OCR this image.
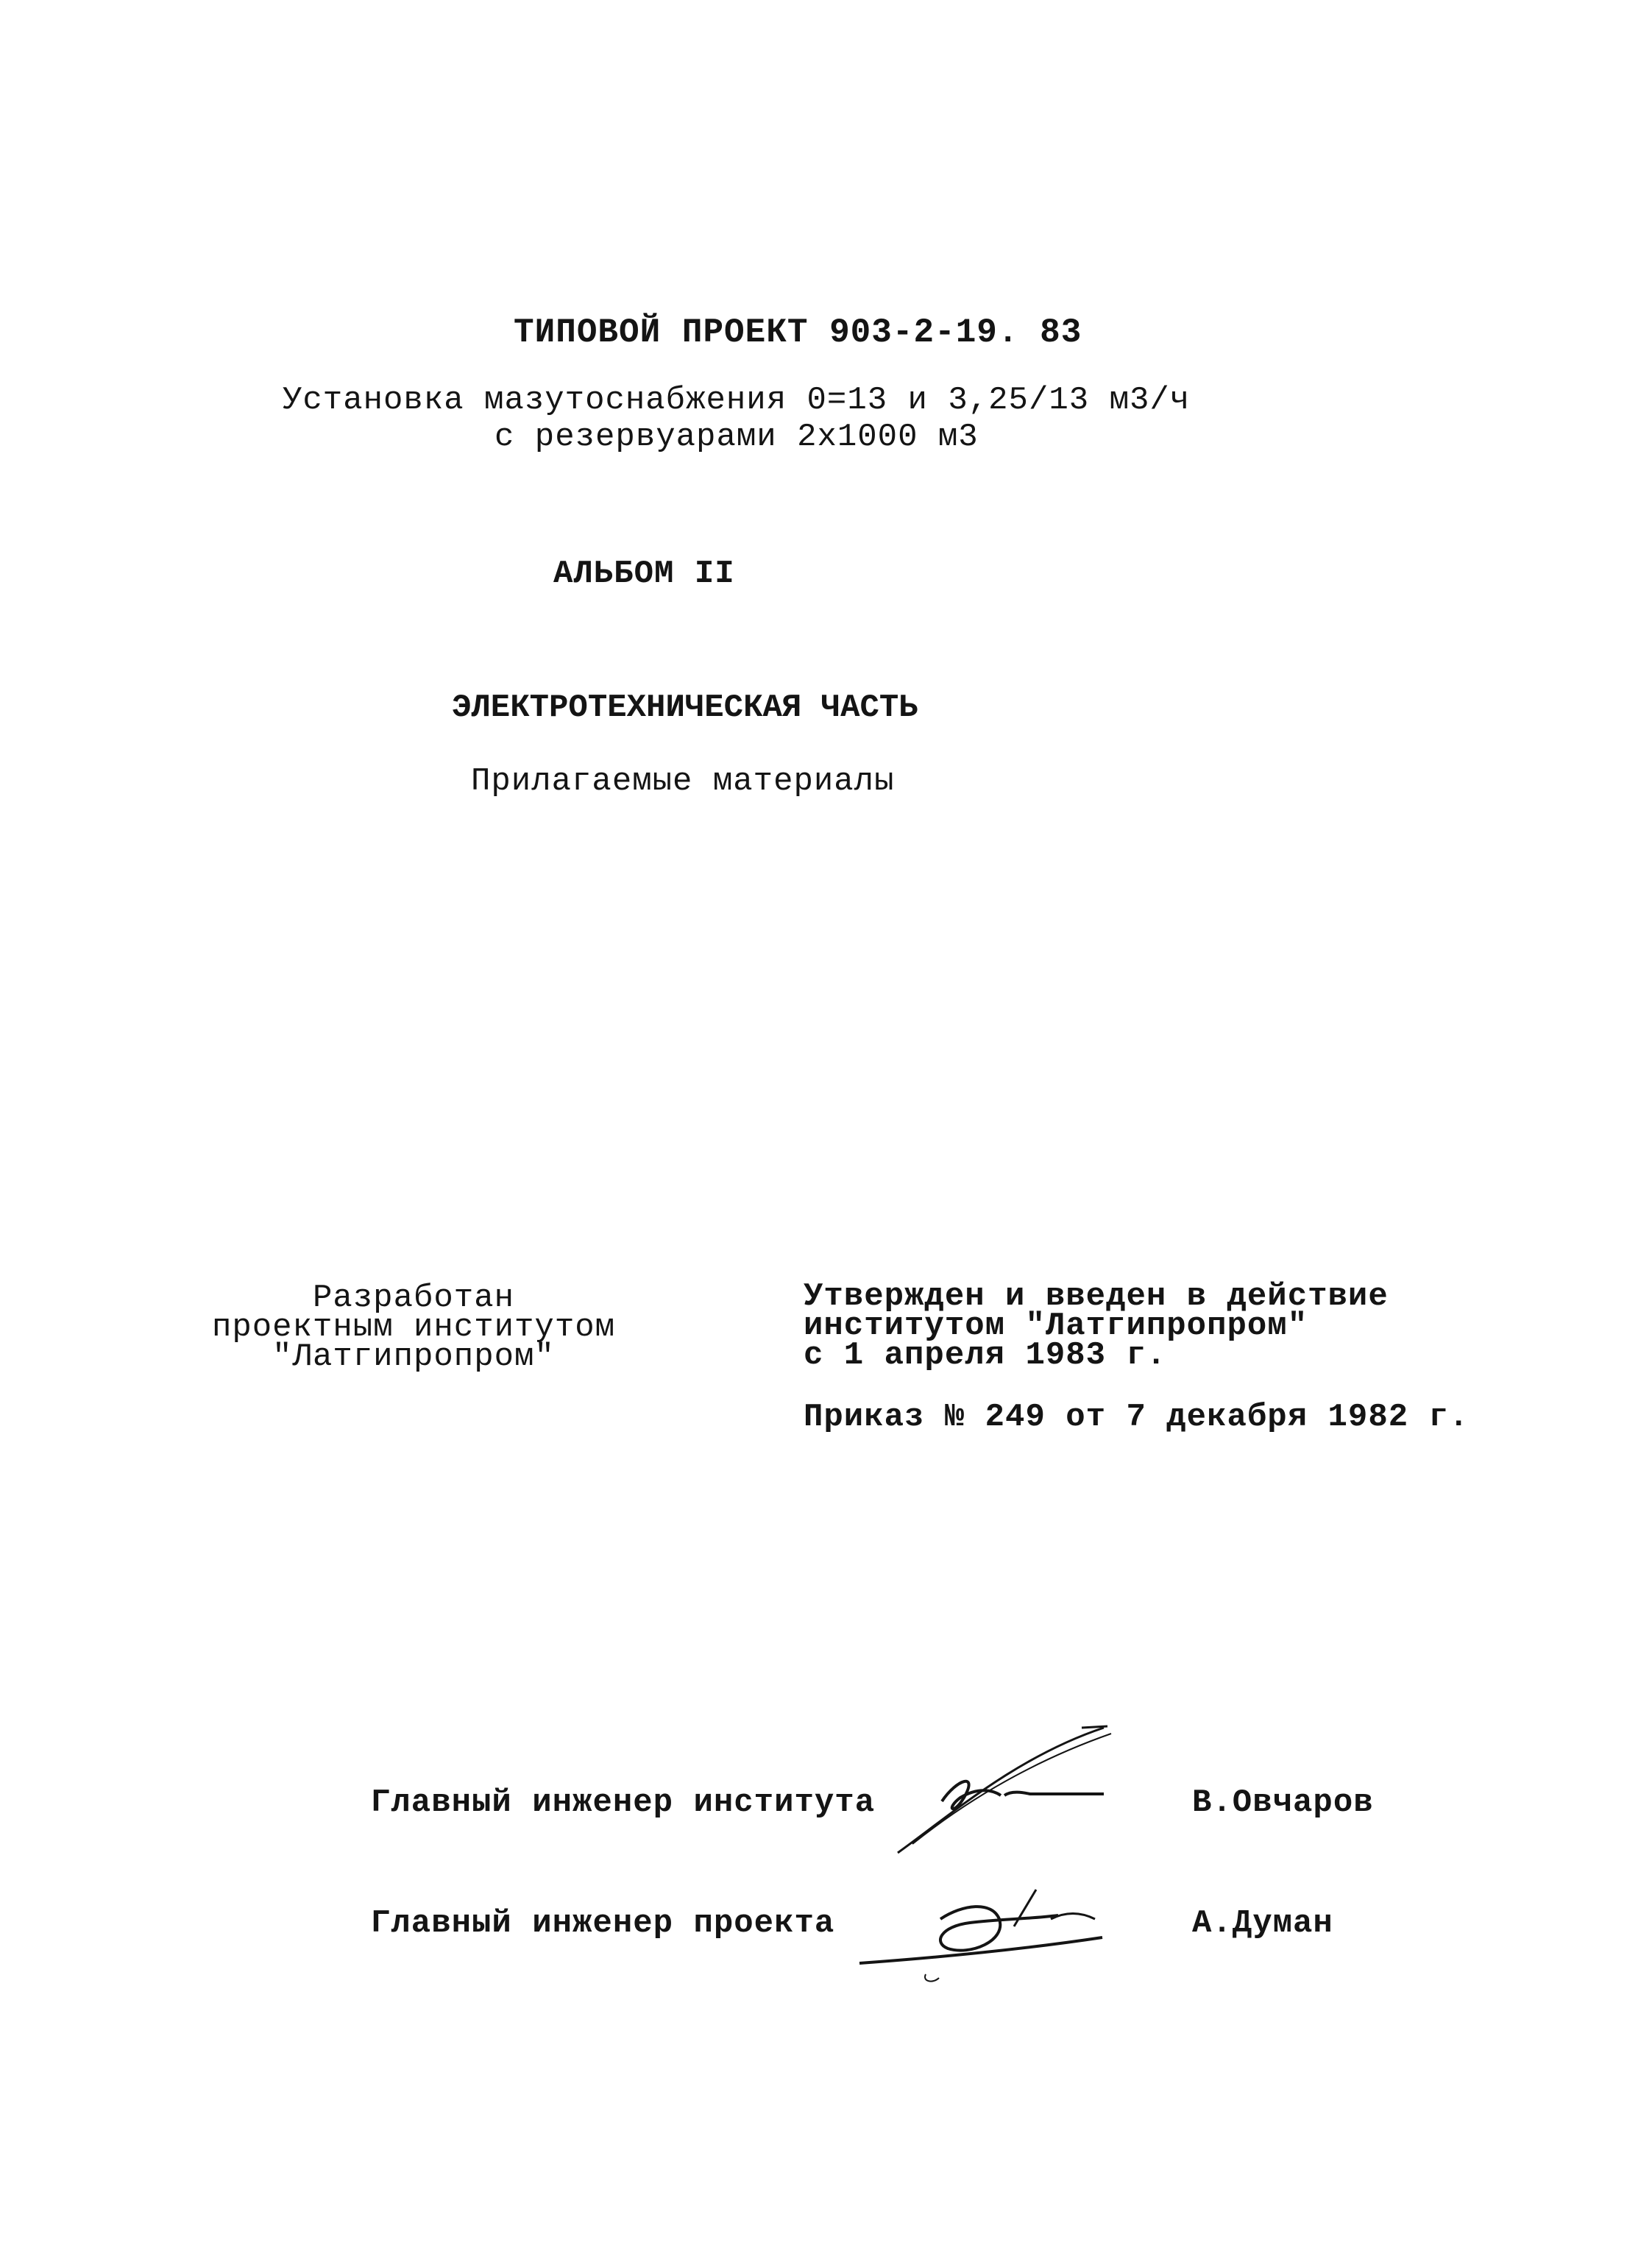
ТИПОВОЙ ПРОЕКТ 903-2-19. 83
Установка мазутоснабжения 0=13 и 3,25/13 м3/ч
с резервуарами 2x1000 м3
АЛЬБОМ II
ЭЛЕКТРОТЕХНИЧЕСКАЯ ЧАСТЬ
Прилагаемые материалы
Разработан
проектным институтом
"Латгипропром"
Утвержден и введен в действие
институтом "Латгипропром"
с 1 апреля 1983 г.
Приказ № 249 от 7 декабря 1982 г.
Главный инженер института	В.Овчаров
Главный инженер проекта	А.Думан
